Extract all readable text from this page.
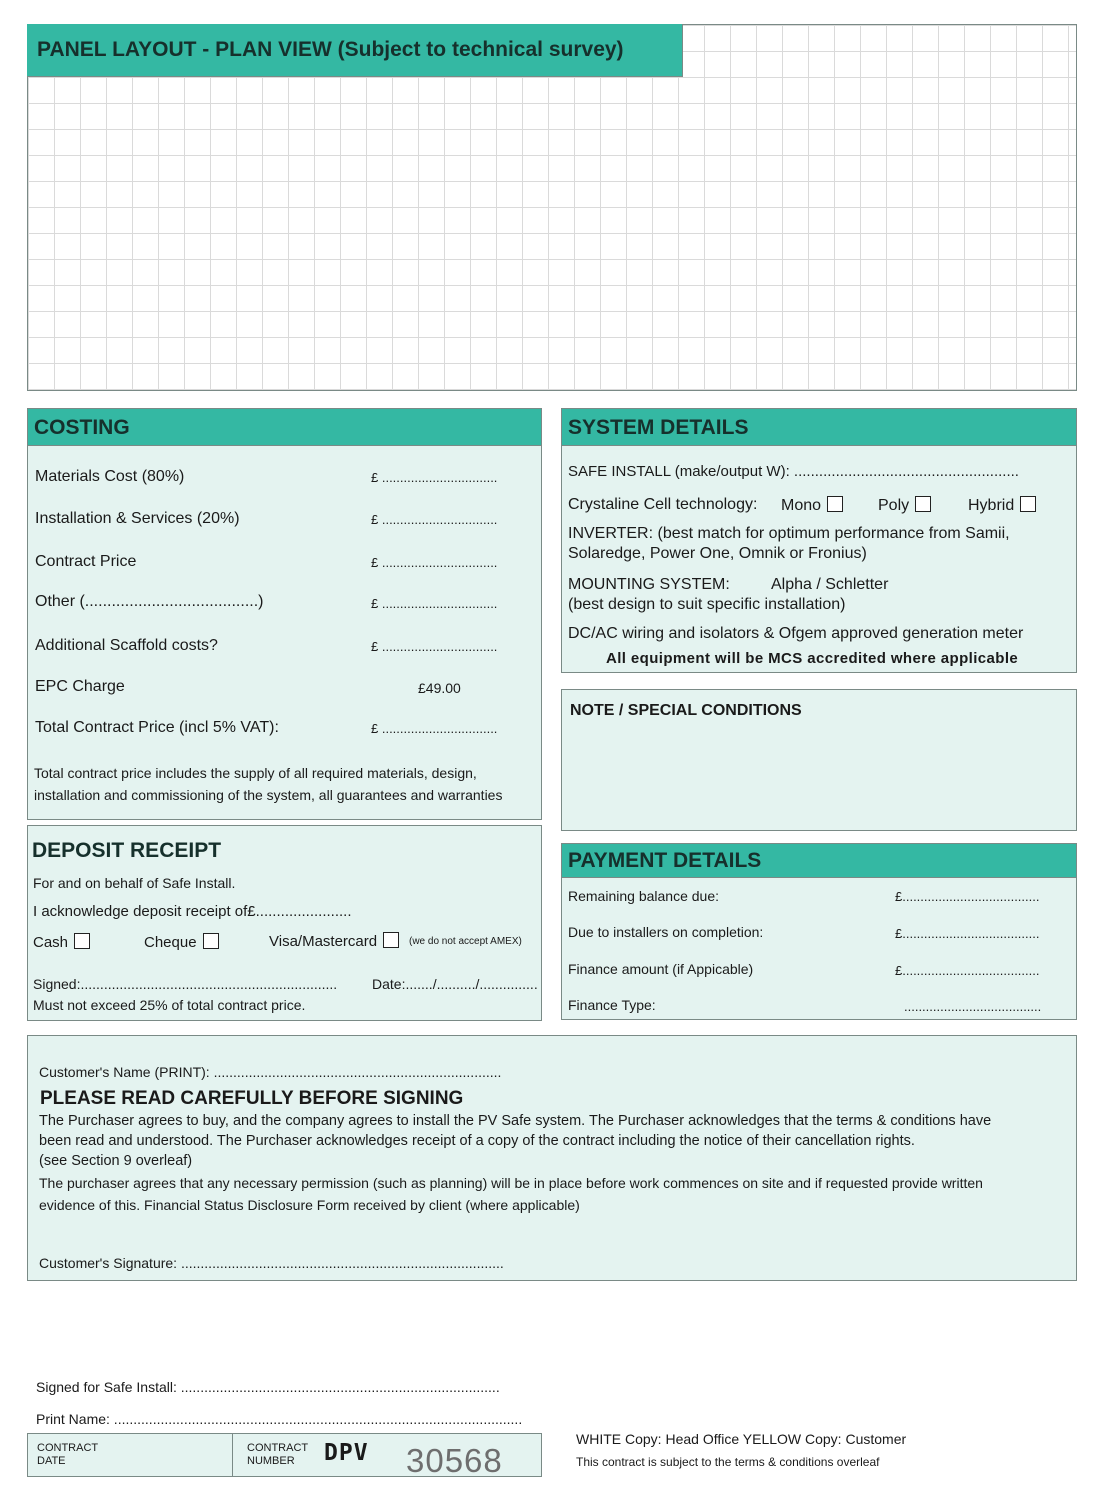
PANEL LAYOUT - PLAN VIEW (Subject to technical survey)
COSTING
Materials Cost (80%)	£ ................................
Installation & Services (20%)	£ ................................
Contract Price	£ ................................
Other (.......................................)	£ ................................
Additional Scaffold costs?	£ ................................
EPC Charge	£49.00
Total Contract Price (incl 5% VAT):	£ ................................
Total contract price includes the supply of all required materials, design,
installation and commissioning of the system, all guarantees and warranties
SYSTEM DETAILS
SAFE INSTALL (make/output W): ......................................................
Crystaline Cell technology: Mono	Poly	Hybrid
INVERTER: (best match for optimum performance from Samii,
Solaredge, Power One, Omnik or Fronius)
MOUNTING SYSTEM:	Alpha / Schletter
(best design to suit specific installation)
DC/AC wiring and isolators & Ofgem approved generation meter
All equipment will be MCS accredited where applicable
NOTE / SPECIAL CONDITIONS
DEPOSIT RECEIPT
For and on behalf of Safe Install.
I acknowledge deposit receipt of£.......................
Cash	Cheque	Visa/Mastercard	(we do not accept AMEX)
Signed:.................................................................. Date:......./........../...............
Must not exceed 25% of total contract price.
PAYMENT DETAILS
Remaining balance due:	£......................................
Due to installers on completion:	£......................................
Finance amount (if Appicable)	£......................................
Finance Type:	......................................
Customer's Name (PRINT): ..........................................................................
PLEASE READ CAREFULLY BEFORE SIGNING
The Purchaser agrees to buy, and the company agrees to install the PV Safe system. The Purchaser acknowledges that the terms & conditions have
been read and understood. The Purchaser acknowledges receipt of a copy of the contract including the notice of their cancellation rights.
(see Section 9 overleaf)
The purchaser agrees that any necessary permission (such as planning) will be in place before work commences on site and if requested provide written
evidence of this. Financial Status Disclosure Form received by client (where applicable)
Customer's Signature: ...................................................................................
Signed for Safe Install: ..................................................................................
Print Name: .........................................................................................................
CONTRACT
DATE
CONTRACT
NUMBER	DPV 30568
WHITE Copy: Head Office YELLOW Copy: Customer
This contract is subject to the terms & conditions overleaf
